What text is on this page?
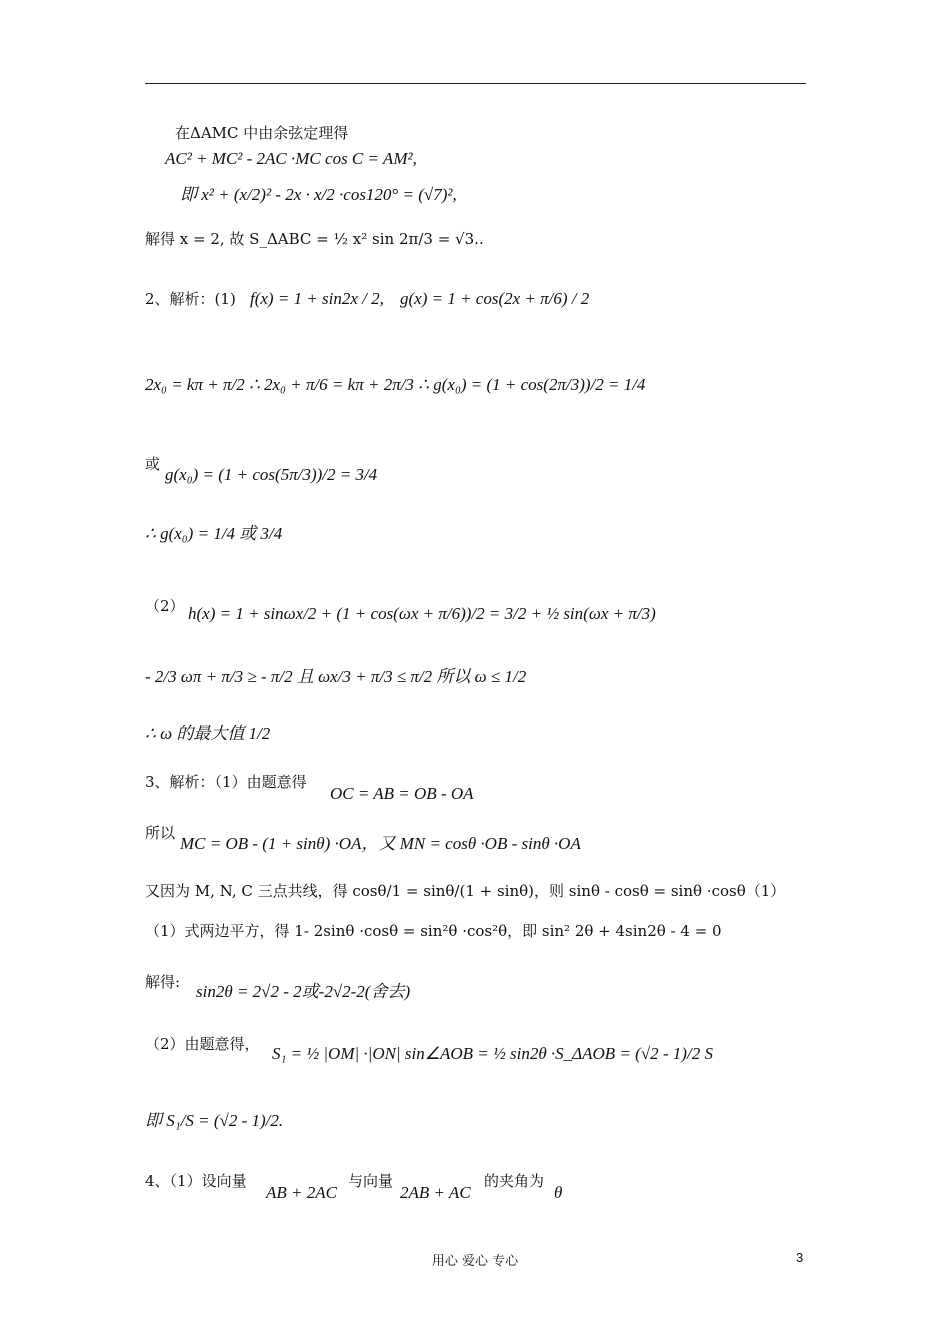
在ΔAMC 中由余弦定理得
AC² + MC² - 2AC ·MC cos C = AM²,
即 x² + (x/2)² - 2x · x/2 ·cos120° = (√7)²,
解得 x = 2, 故 S_ΔABC = ½ x² sin 2π/3 = √3..
2、解析：(1) f(x) = 1 + sin2x / 2, g(x) = 1 + cos(2x + π/6) / 2
2x₀ = kπ + π/2 ∴ 2x₀ + π/6 = kπ + 2π/3 ∴ g(x₀) = (1 + cos(2π/3))/2 = 1/4
或
g(x₀) = (1 + cos(5π/3))/2 = 3/4
∴ g(x₀) = 1/4 或 3/4
（2） h(x) = 1 + sinωx/2 + (1 + cos(ωx + π/6))/2 = 3/2 + ½ sin(ωx + π/3)
- 2/3 ωπ + π/3 ≥ - π/2 且 ωx/3 + π/3 ≤ π/2 所以 ω ≤ 1/2
∴ ω 的最大值 1/2
3、解析：（1）由题意得
OC = AB = OB - OA
所以
MC = OB - (1 + sinθ) ·OA，又 MN = cosθ ·OB - sinθ ·OA
又因为 M, N, C 三点共线，得 cosθ/1 = sinθ/(1 + sinθ)，则 sinθ - cosθ = sinθ ·cosθ（1）
（1）式两边平方，得 1- 2sinθ ·cosθ = sin²θ ·cos²θ，即 sin² 2θ + 4sin2θ - 4 = 0
解得: sin2θ = 2√2 - 2或-2√2-2(舍去)
（2）由题意得， S₁ = ½ |OM| ·|ON| sin∠AOB = ½ sin2θ ·S_ΔAOB = (√2 - 1)/2 S
即 S₁/S = (√2 - 1)/2.
4、（1）设向量
AB + 2AC
与向量
2AB + AC
的夹角为
θ
用心 爱心 专心	3
